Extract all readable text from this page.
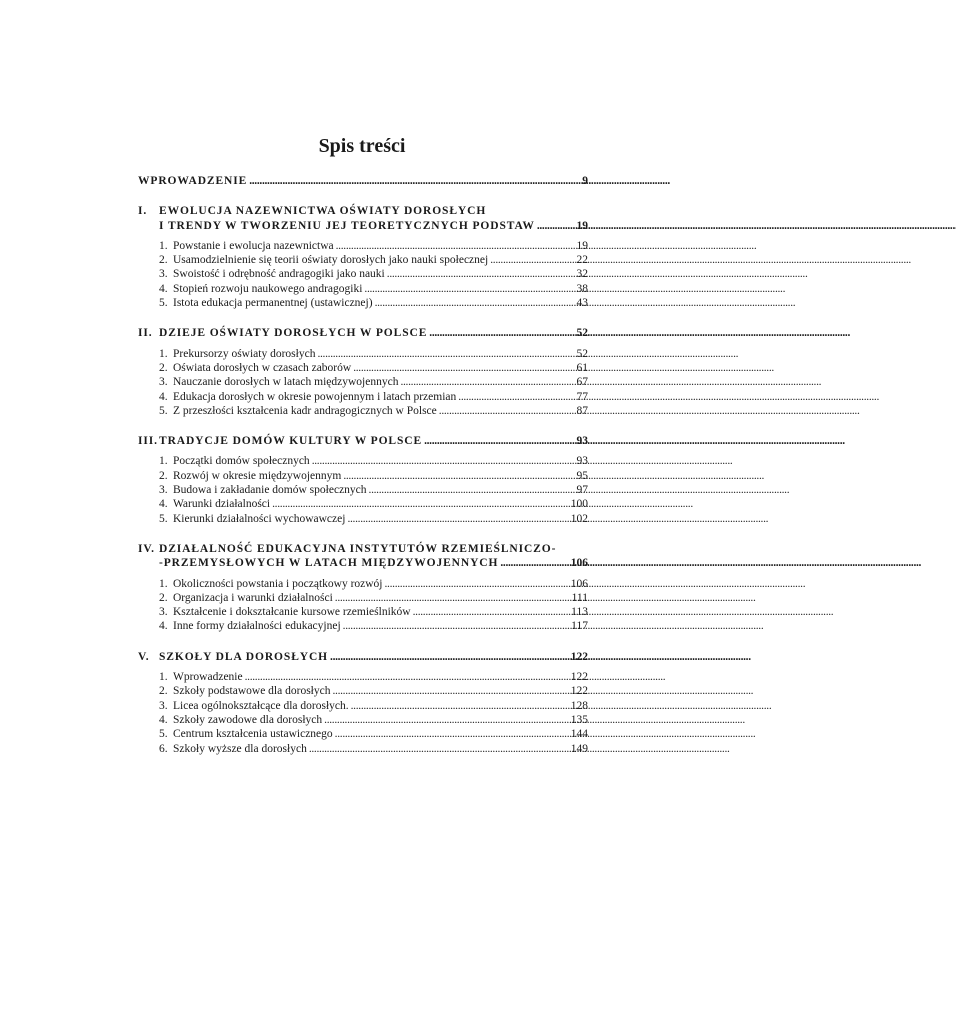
Spis treści
WPROWADZENIE . . .	9
I.	EWOLUCJA NAZEWNICTWA OŚWIATY DOROSŁYCH
I TRENDY W TWORZENIU JEJ TEORETYCZNYCH PODSTAW . . .	19
1. Powstanie i ewolucja nazewnictwa . . .	19
2. Usamodzielnienie się teorii oświaty dorosłych jako nauki społecznej . . .	22
3. Swoistość i odrębność andragogiki jako nauki . . .	32
4. Stopień rozwoju naukowego andragogiki . . .	38
5. Istota edukacja permanentnej (ustawicznej) . . .	43
II. DZIEJE OŚWIATY DOROSŁYCH W POLSCE . . .	52
1. Prekursorzy oświaty dorosłych . . .	52
2. Oświata dorosłych w czasach zaborów . . .	61
3. Nauczanie dorosłych w latach międzywojennych . . .	67
4. Edukacja dorosłych w okresie powojennym i latach przemian . . .	77
5. Z przeszłości kształcenia kadr andragogicznych w Polsce . . .	87
III. TRADYCJE DOMÓW KULTURY W POLSCE . . .	93
1. Początki domów społecznych . . .	93
2. Rozwój w okresie międzywojennym . . .	95
3. Budowa i zakładanie domów społecznych . . .	97
4. Warunki działalności . . .	100
5. Kierunki działalności wychowawczej . . .	102
IV. DZIAŁALNOŚĆ EDUKACYJNA INSTYTUTÓW RZEMIEŚLNICZO-
-PRZEMYSŁOWYCH W LATACH MIĘDZYWOJENNYCH . . .	106
1. Okoliczności powstania i początkowy rozwój . . .	106
2. Organizacja i warunki działalności . . .	111
3. Kształcenie i dokształcanie kursowe rzemieślników . . .	113
4. Inne formy działalności edukacyjnej . . .	117
V. SZKOŁY DLA DOROSŁYCH . . .	122
1. Wprowadzenie . . .	122
2. Szkoły podstawowe dla dorosłych . . .	122
3. Licea ogólnokształcące dla dorosłych. . . .	128
4. Szkoły zawodowe dla dorosłych . . .	135
5. Centrum kształcenia ustawicznego . . .	144
6. Szkoły wyższe dla dorosłych . . .	149
